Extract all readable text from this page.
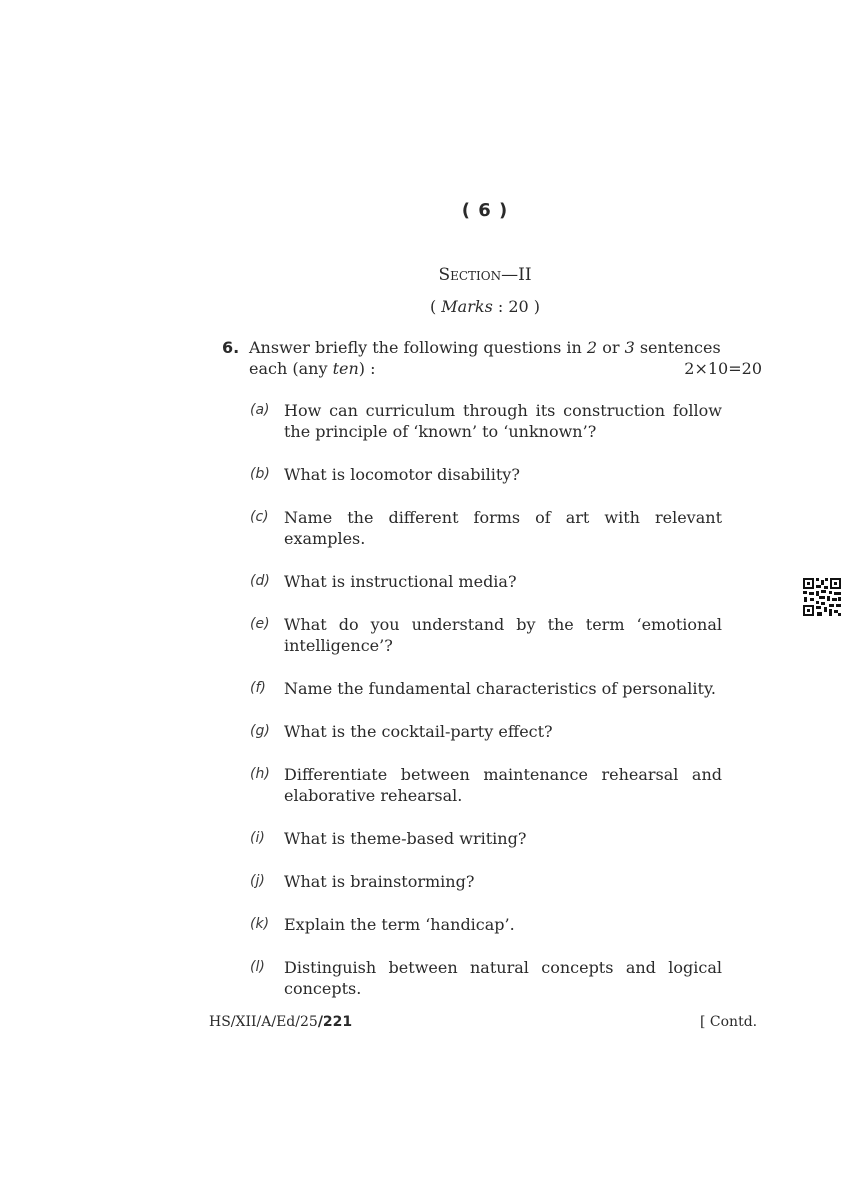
( 6 )
Section—II
( Marks : 20 )
6. Answer briefly the following questions in 2 or 3 sentences each (any ten) :	2×10=20
(a) How can curriculum through its construction follow the principle of ‘known’ to ‘unknown’?
(b) What is locomotor disability?
(c) Name the different forms of art with relevant examples.
(d) What is instructional media?
(e) What do you understand by the term ‘emotional intelligence’?
(f) Name the fundamental characteristics of personality.
(g) What is the cocktail-party effect?
(h) Differentiate between maintenance rehearsal and elaborative rehearsal.
(i) What is theme-based writing?
(j) What is brainstorming?
(k) Explain the term ‘handicap’.
(l) Distinguish between natural concepts and logical concepts.
HS/XII/A/Ed/25/221	[ Contd.
